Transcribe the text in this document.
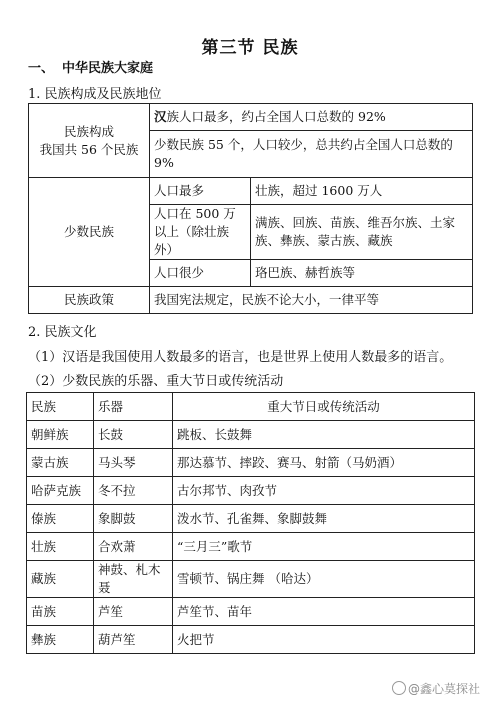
第三节 民族
一、 中华民族大家庭
1. 民族构成及民族地位
民族构成
我国共 56 个民族	汉族人口最多，约占全国人口总数的 92%	
	少数民族 55 个，人口较少，总共约占全国人口总数的 9%	
少数民族	人口最多	壮族，超过 1600 万人
	人口在 500 万以上（除壮族外）	满族、回族、苗族、维吾尔族、土家族、彝族、蒙古族、藏族
	人口很少	珞巴族、赫哲族等
民族政策	我国宪法规定，民族不论大小，一律平等	
2. 民族文化
（1）汉语是我国使用人数最多的语言，也是世界上使用人数最多的语言。
（2）少数民族的乐器、重大节日或传统活动
民族	乐器	重大节日或传统活动
朝鲜族	长鼓	跳板、长鼓舞
蒙古族	马头琴	那达慕节、摔跤、赛马、射箭（马奶酒）
哈萨克族	冬不拉	古尔邦节、肉孜节
傣族	象脚鼓	泼水节、孔雀舞、象脚鼓舞
壮族	合欢萧	“三月三”歌节
藏族	神鼓、札木聂	雪顿节、锅庄舞 （哈达）
苗族	芦笙	芦笙节、苗年
彝族	葫芦笙	火把节
@鑫心莫探社
